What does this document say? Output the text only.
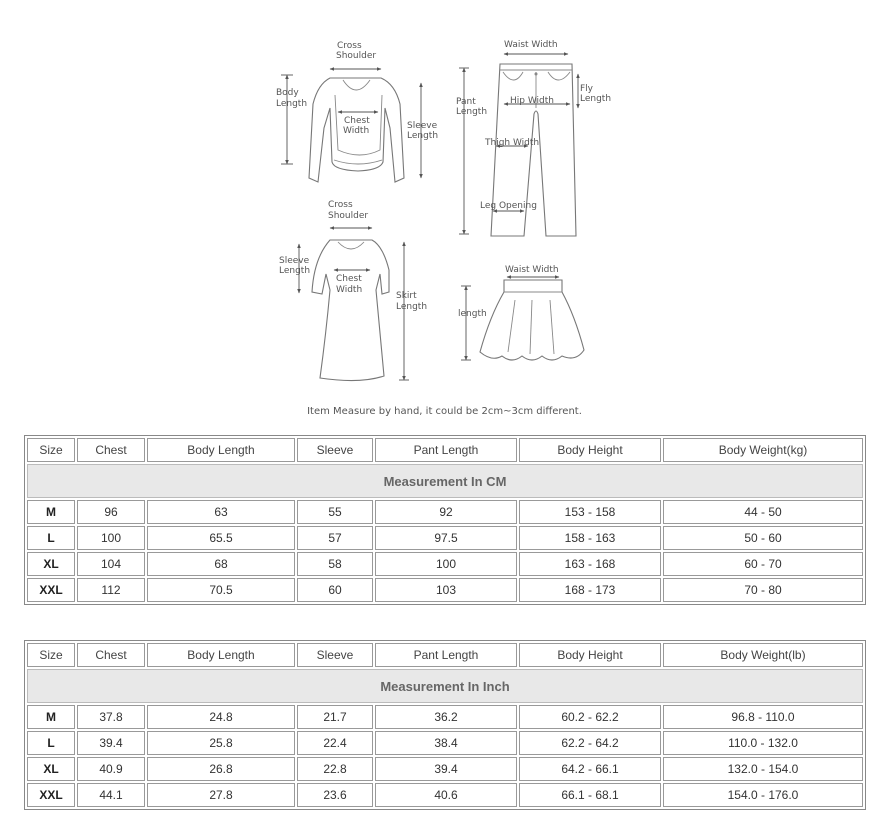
Cross
Shoulder
Body
Length
Chest
Width	Sleeve
Length
Waist Width
Fly
Length
Pant
Length
Hip Width
Thigh Width
Leg Opening
Cross
Shoulder
Sleeve
Length
Chest
Width
Skirt
Length
Waist Width
length
Item Measure by hand, it could be 2cm~3cm different.
Size	Chest	Body Length	Sleeve	Pant Length	Body Height	Body Weight(kg)
Measurement In CM						
M	96	63	55	92	153 - 158	44 - 50
L	100	65.5	57	97.5	158 - 163	50 - 60
XL	104	68	58	100	163 - 168	60 - 70
XXL	112	70.5	60	103	168 - 173	70 - 80
Size	Chest	Body Length	Sleeve	Pant Length	Body Height	Body Weight(lb)
Measurement In Inch						
M	37.8	24.8	21.7	36.2	60.2 - 62.2	96.8 - 110.0
L	39.4	25.8	22.4	38.4	62.2 - 64.2	110.0 - 132.0
XL	40.9	26.8	22.8	39.4	64.2 - 66.1	132.0 - 154.0
XXL	44.1	27.8	23.6	40.6	66.1 - 68.1	154.0 - 176.0
